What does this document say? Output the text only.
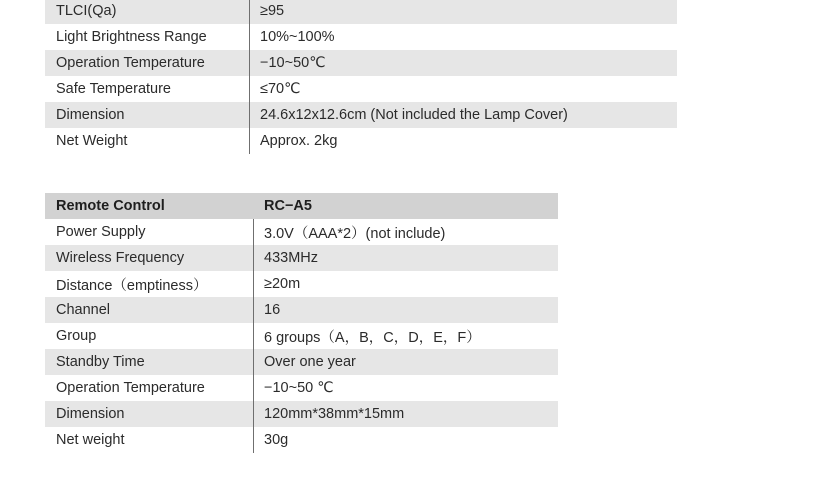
TLCI(Qa)	≥95
Light Brightness Range	10%~100%
Operation Temperature	−10~50℃
Safe Temperature	≤70℃
Dimension	24.6x12x12.6cm (Not included the Lamp Cover)
Net Weight	Approx. 2kg
Remote Control	RC−A5
Power Supply	3.0V（AAA*2）(not include)
Wireless Frequency	433MHz
Distance（emptiness）	≥20m
Channel	16
Group	6 groups（A，B，C，D，E，F）
Standby Time	Over one year
Operation Temperature	−10~50 ℃
Dimension	120mm*38mm*15mm
Net weight	30g
